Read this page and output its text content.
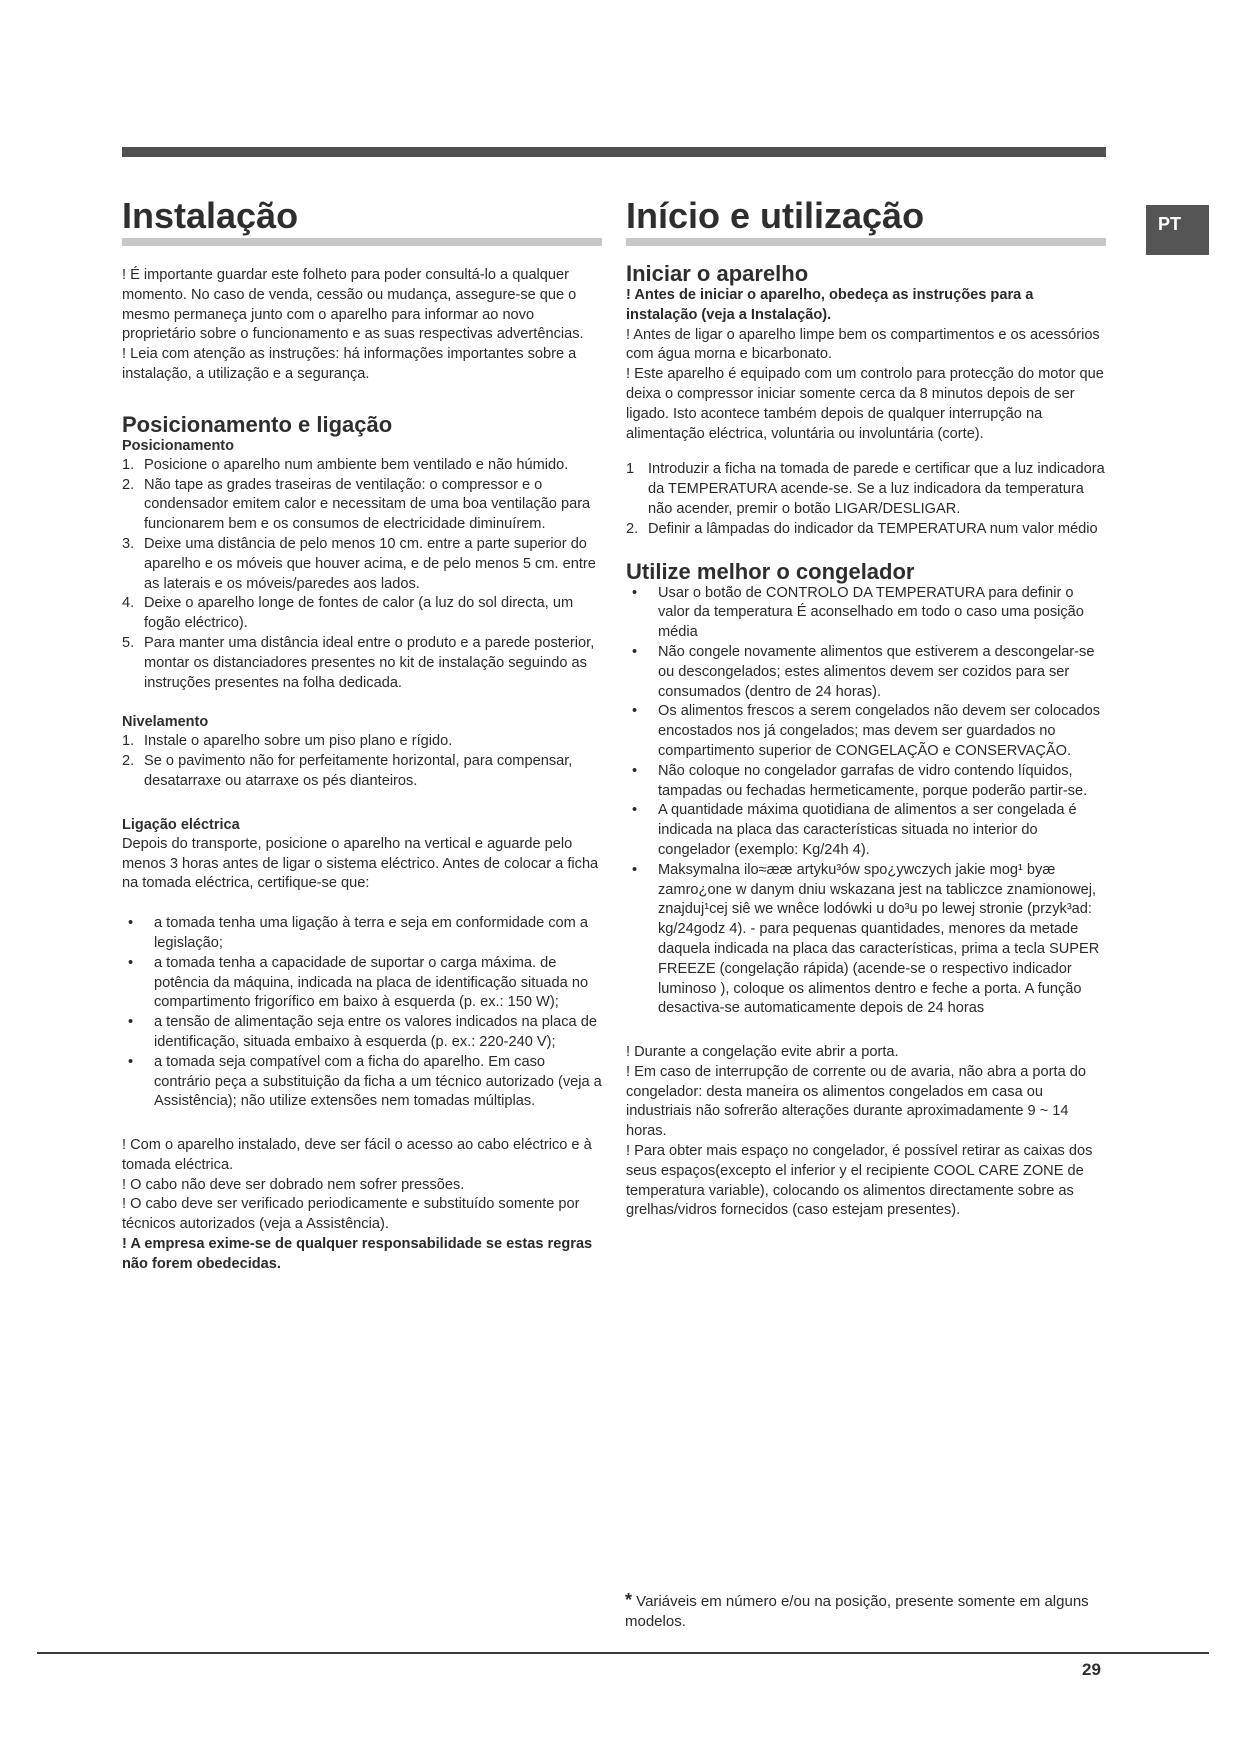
PT
Instalação

! É importante guardar este folheto para poder consultá-lo a qualquer momento. No caso de venda, cessão ou mudança, assegure-se que o mesmo permaneça junto com o aparelho para informar ao novo proprietário sobre o funcionamento e as suas respectivas advertências.

! Leia com atenção as instruções: há informações importantes sobre a instalação, a utilização e a segurança.

Posicionamento e ligação
Posicionamento
1. Posicione o aparelho num ambiente bem ventilado e não húmido.
2. Não tape as grades traseiras de ventilação: o compressor e o condensador emitem calor e necessitam de uma boa ventilação para funcionarem bem e os consumos de electricidade diminuírem.
3. Deixe uma distância de pelo menos 10 cm. entre a parte superior do aparelho e os móveis que houver acima, e de pelo menos 5 cm. entre as laterais e os móveis/paredes aos lados.
4. Deixe o aparelho longe de fontes de calor (a luz do sol directa, um fogão eléctrico).
5. Para manter uma distância ideal entre o produto e a parede posterior, montar os distanciadores presentes no kit de instalação seguindo as instruções presentes na folha dedicada.
Nivelamento
1. Instale o aparelho sobre um piso plano e rígido.
2. Se o pavimento não for perfeitamente horizontal, para compensar, desatarraxe ou atarraxe os pés dianteiros.
Ligação eléctrica

Depois do transporte, posicione o aparelho na vertical e aguarde pelo menos 3 horas antes de ligar o sistema eléctrico. Antes de colocar a ficha na tomada eléctrica, certifique-se que:

• a tomada tenha uma ligação à terra e seja em conformidade com a legislação;
• a tomada tenha a capacidade de suportar o carga máxima. de potência da máquina, indicada na placa de identificação situada no compartimento frigorífico em baixo à esquerda (p. ex.: 150 W);
• a tensão de alimentação seja entre os valores indicados na placa de identificação, situada embaixo à esquerda (p. ex.: 220-240 V);
• a tomada seja compatível com a ficha do aparelho. Em caso contrário peça a substituição da ficha a um técnico autorizado (veja a Assistência); não utilize extensões nem tomadas múltiplas.

! Com o aparelho instalado, deve ser fácil o acesso ao cabo eléctrico e à tomada eléctrica.

! O cabo não deve ser dobrado nem sofrer pressões.

! O cabo deve ser verificado periodicamente e substituído somente por técnicos autorizados (veja a Assistência).

! A empresa exime-se de qualquer responsabilidade se estas regras não forem obedecidas.

Início e utilização
Iniciar o aparelho

! Antes de iniciar o aparelho, obedeça as instruções para a instalação (veja a Instalação).

! Antes de ligar o aparelho limpe bem os compartimentos e os acessórios com água morna e bicarbonato.

! Este aparelho é equipado com um controlo para protecção do motor que deixa o compressor iniciar somente cerca da 8 minutos depois de ser ligado. Isto acontece também depois de qualquer interrupção na alimentação eléctrica, voluntária ou involuntária (corte).

1 Introduzir a ficha na tomada de parede e certificar que a luz indicadora da TEMPERATURA acende-se. Se a luz indicadora da temperatura não acender, premir o botão LIGAR/DESLIGAR.
2. Definir a lâmpadas do indicador da TEMPERATURA num valor médio
Utilize melhor o congelador
• Usar o botão de CONTROLO DA TEMPERATURA para definir o valor da temperatura É aconselhado em todo o caso uma posição média
• Não congele novamente alimentos que estiverem a descongelar-se ou descongelados; estes alimentos devem ser cozidos para ser consumados (dentro de 24 horas).
• Os alimentos frescos a serem congelados não devem ser colocados encostados nos já congelados; mas devem ser guardados no compartimento superior de CONGELAÇÃO e CONSERVAÇÃO.
• Não coloque no congelador garrafas de vidro contendo líquidos, tampadas ou fechadas hermeticamente, porque poderão partir-se.
• A quantidade máxima quotidiana de alimentos a ser congelada é indicada na placa das características situada no interior do congelador (exemplo: Kg/24h 4).
• Maksymalna ilo≈ææ artyku³ów spo¿ywczych jakie mog¹ byæ zamro¿one w danym dniu wskazana jest na tabliczce znamionowej, znajduj¹cej siê we wnêce lodówki u do³u po lewej stronie (przyk³ad: kg/24godz 4). - para pequenas quantidades, menores da metade daquela indicada na placa das características, prima a tecla SUPER FREEZE (congelação rápida) (acende-se o respectivo indicador luminoso ), coloque os alimentos dentro e feche a porta. A função desactiva-se automaticamente depois de 24 horas

! Durante a congelação evite abrir a porta.

! Em caso de interrupção de corrente ou de avaria, não abra a porta do congelador: desta maneira os alimentos congelados em casa ou industriais não sofrerão alterações durante aproximadamente 9 ~ 14 horas.

! Para obter mais espaço no congelador, é possível retirar as caixas dos seus espaços(excepto el inferior y el recipiente COOL CARE ZONE de temperatura variable), colocando os alimentos directamente sobre as grelhas/vidros fornecidos (caso estejam presentes).

* Variáveis em número e/ou na posição, presente somente em alguns modelos.
29
